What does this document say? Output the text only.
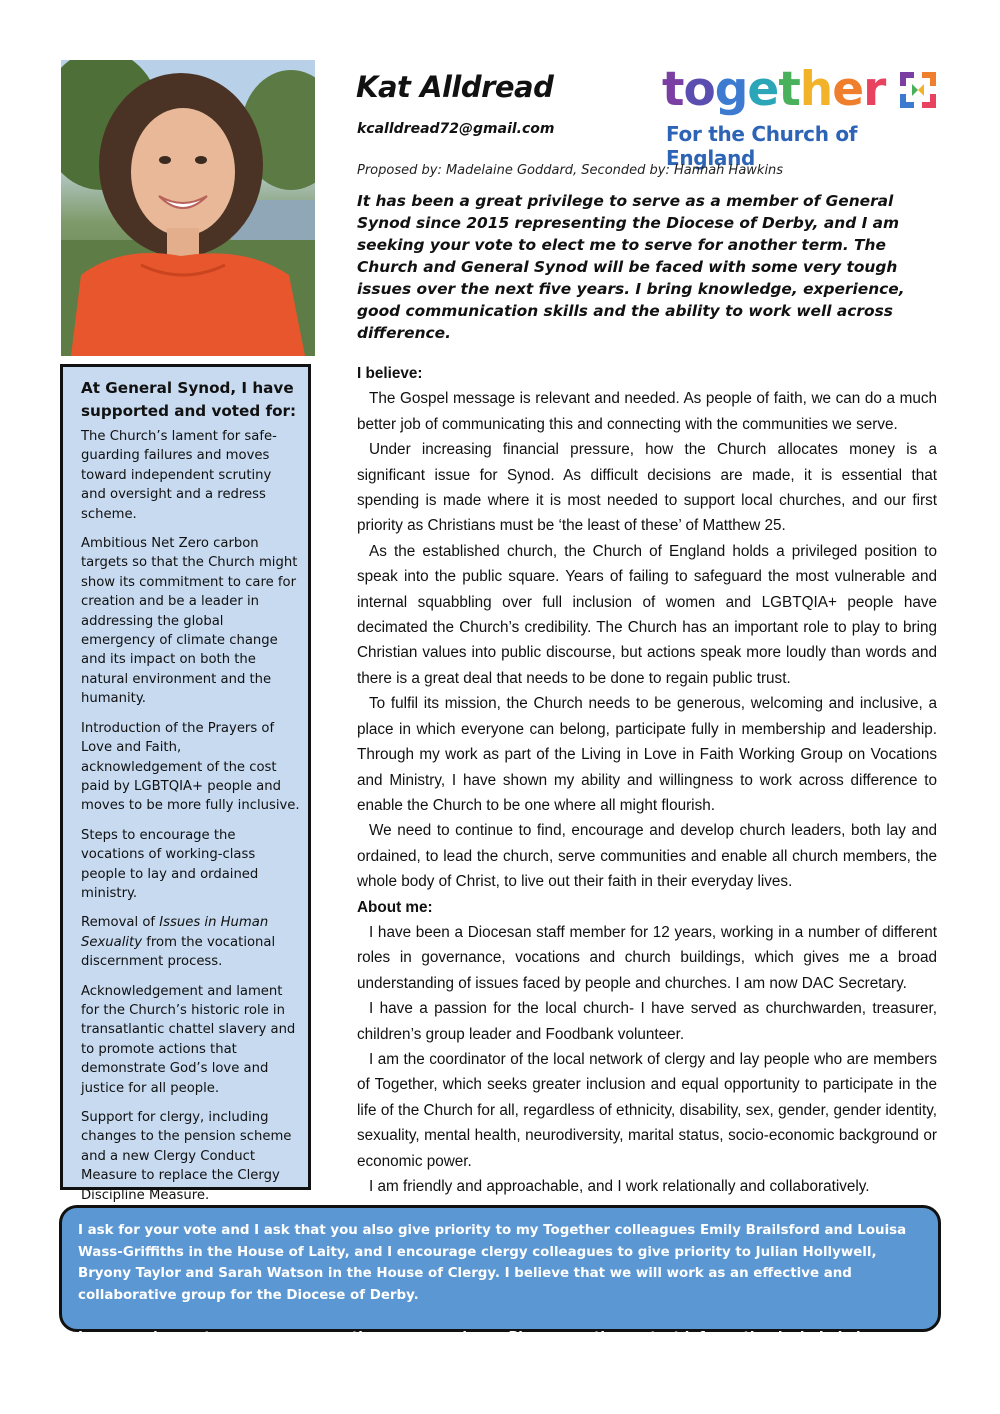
Kat Alldread
kcalldread72@gmail.com
together
For the Church of England
Proposed by: Madelaine Goddard, Seconded by: Hannah Hawkins
It has been a great privilege to serve as a member of General Synod since 2015 representing the Diocese of Derby, and I am seeking your vote to elect me to serve for another term. The Church and General Synod will be faced with some very tough issues over the next five years. I bring knowledge, experience, good communication skills and the ability to work well across difference.
At General Synod, I have supported and voted for:

The Church’s lament for safe-guarding failures and moves toward independent scrutiny and oversight and a redress scheme.

Ambitious Net Zero carbon targets so that the Church might show its commitment to care for creation and be a leader in addressing the global emergency of climate change and its impact on both the natural environment and the humanity.

Introduction of the Prayers of Love and Faith, acknowledgement of the cost paid by LGBTQIA+ people and moves to be more fully inclusive.

Steps to encourage the vocations of working-class people to lay and ordained ministry.

Removal of Issues in Human Sexuality from the vocational discernment process.

Acknowledgement and lament for the Church’s historic role in transatlantic chattel slavery and to promote actions that demonstrate God’s love and justice for all people.

Support for clergy, including changes to the pension scheme and a new Clergy Conduct Measure to replace the Clergy Discipline Measure.

I believe:

The Gospel message is relevant and needed. As people of faith, we can do a much better job of communicating this and connecting with the communities we serve.

Under increasing financial pressure, how the Church allocates money is a significant issue for Synod. As difficult decisions are made, it is essential that spending is made where it is most needed to support local churches, and our first priority as Christians must be ‘the least of these’ of Matthew 25.

As the established church, the Church of England holds a privileged position to speak into the public square. Years of failing to safeguard the most vulnerable and internal squabbling over full inclusion of women and LGBTQIA+ people have decimated the Church’s credibility. The Church has an important role to play to bring Christian values into public discourse, but actions speak more loudly than words and there is a great deal that needs to be done to regain public trust.

To fulfil its mission, the Church needs to be generous, welcoming and inclusive, a place in which everyone can belong, participate fully in membership and leadership. Through my work as part of the Living in Love in Faith Working Group on Vocations and Ministry, I have shown my ability and willingness to work across difference to enable the Church to be one where all might flourish.

We need to continue to find, encourage and develop church leaders, both lay and ordained, to lead the church, serve communities and enable all church members, the whole body of Christ, to live out their faith in their everyday lives.

About me:

I have been a Diocesan staff member for 12 years, working in a number of different roles in governance, vocations and church buildings, which gives me a broad understanding of issues faced by people and churches. I am now DAC Secretary.

I have a passion for the local church- I have served as churchwarden, treasurer, children’s group leader and Foodbank volunteer.

I am the coordinator of the local network of clergy and lay people who are members of Together, which seeks greater inclusion and equal opportunity to participate in the life of the Church for all, regardless of ethnicity, disability, sex, gender, gender identity, sexuality, mental health, neurodiversity, marital status, socio-economic background or economic power.

I am friendly and approachable, and I work relationally and collaboratively.

I ask for your vote and I ask that you also give priority to my Together colleagues Emily Brailsford and Louisa Wass-Griffiths in the House of Laity, and I encourage clergy colleagues to give priority to Julian Hollywell, Bryony Taylor and Sarah Watson in the House of Clergy. I believe that we will work as an effective and collaborative group for the Diocese of Derby.

I am very happy to answer any questions you may have. Please use the contact information included above.
